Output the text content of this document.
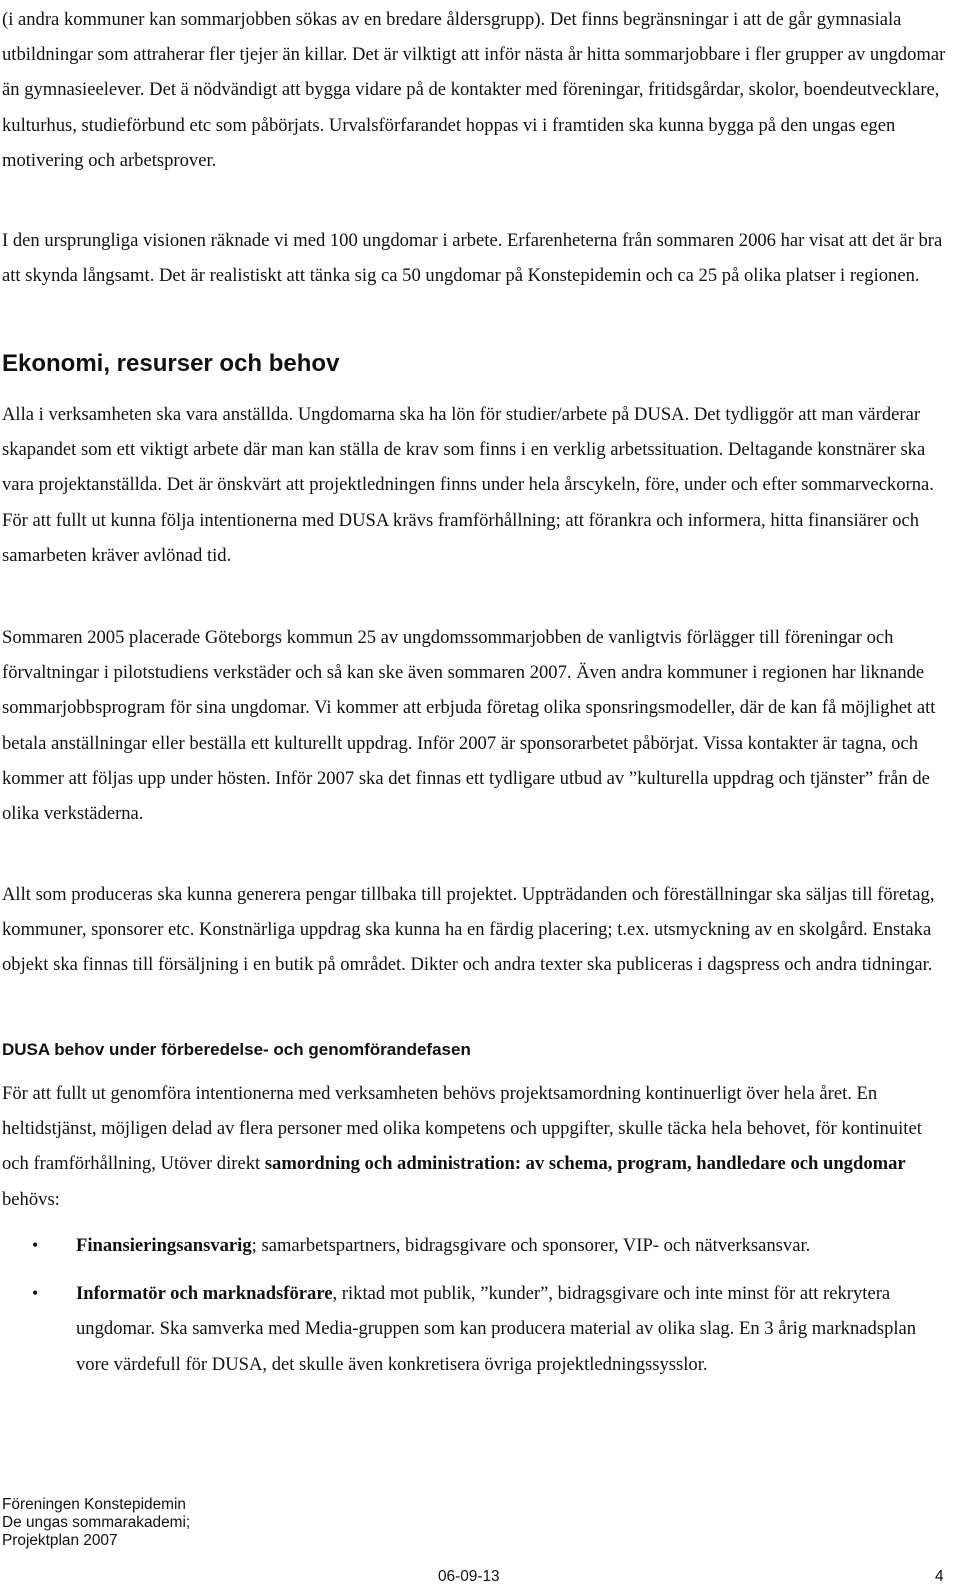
(i andra kommuner kan sommarjobben sökas av en bredare åldersgrupp). Det finns begränsningar i att de går gymnasiala utbildningar som attraherar fler tjejer än killar. Det är vilktigt att inför nästa år hitta sommarjobbare i fler grupper av ungdomar än gymnasieelever. Det ä nödvändigt att bygga vidare på de kontakter med föreningar, fritidsgårdar, skolor, boendeutvecklare, kulturhus, studieförbund etc som påbörjats. Urvalsförfarandet hoppas vi i framtiden ska kunna bygga på den ungas egen motivering och arbetsprover.

I den ursprungliga visionen räknade vi med 100 ungdomar i arbete. Erfarenheterna från sommaren 2006 har visat att det är bra att skynda långsamt. Det är realistiskt att tänka sig ca 50 ungdomar på Konstepidemin och ca 25 på olika platser i regionen.

Ekonomi, resurser och behov

Alla i verksamheten ska vara anställda. Ungdomarna ska ha lön för studier/arbete på DUSA. Det tydliggör att man värderar skapandet som ett viktigt arbete där man kan ställa de krav som finns i en verklig arbetssituation. Deltagande konstnärer ska vara projektanställda. Det är önskvärt att projektledningen finns under hela årscykeln, före, under och efter sommarveckorna. För att fullt ut kunna följa intentionerna med DUSA krävs framförhållning; att förankra och informera, hitta finansiärer och samarbeten kräver avlönad tid.

Sommaren 2005 placerade Göteborgs kommun 25 av ungdomssommarjobben de vanligtvis förlägger till föreningar och förvaltningar i pilotstudiens verkstäder och så kan ske även sommaren 2007. Även andra kommuner i regionen har liknande sommarjobbsprogram för sina ungdomar. Vi kommer att erbjuda företag olika sponsringsmodeller, där de kan få möjlighet att betala anställningar eller beställa ett kulturellt uppdrag. Inför 2007 är sponsorarbetet påbörjat. Vissa kontakter är tagna, och kommer att följas upp under hösten. Inför 2007 ska det finnas ett tydligare utbud av ”kulturella uppdrag och tjänster” från de olika verkstäderna.

Allt som produceras ska kunna generera pengar tillbaka till projektet. Uppträdanden och föreställningar ska säljas till företag, kommuner, sponsorer etc. Konstnärliga uppdrag ska kunna ha en färdig placering; t.ex. utsmyckning av en skolgård. Enstaka objekt ska finnas till försäljning i en butik på området. Dikter och andra texter ska publiceras i dagspress och andra tidningar.

DUSA behov under förberedelse- och genomförandefasen

För att fullt ut genomföra intentionerna med verksamheten behövs projektsamordning kontinuerligt över hela året. En heltidstjänst, möjligen delad av flera personer med olika kompetens och uppgifter, skulle täcka hela behovet, för kontinuitet och framförhållning, Utöver direkt samordning och administration: av schema, program, handledare och ungdomar behövs:

• Finansieringsansvarig; samarbetspartners, bidragsgivare och sponsorer, VIP- och nätverksansvar.
• Informatör och marknadsförare, riktad mot publik, ”kunder”, bidragsgivare och inte minst för att rekrytera ungdomar. Ska samverka med Media-gruppen som kan producera material av olika slag. En 3 årig marknadsplan vore värdefull för DUSA, det skulle även konkretisera övriga projektledningssysslor.
Föreningen Konstepidemin
De ungas sommarakademi;
Projektplan 2007
06-09-13	4
